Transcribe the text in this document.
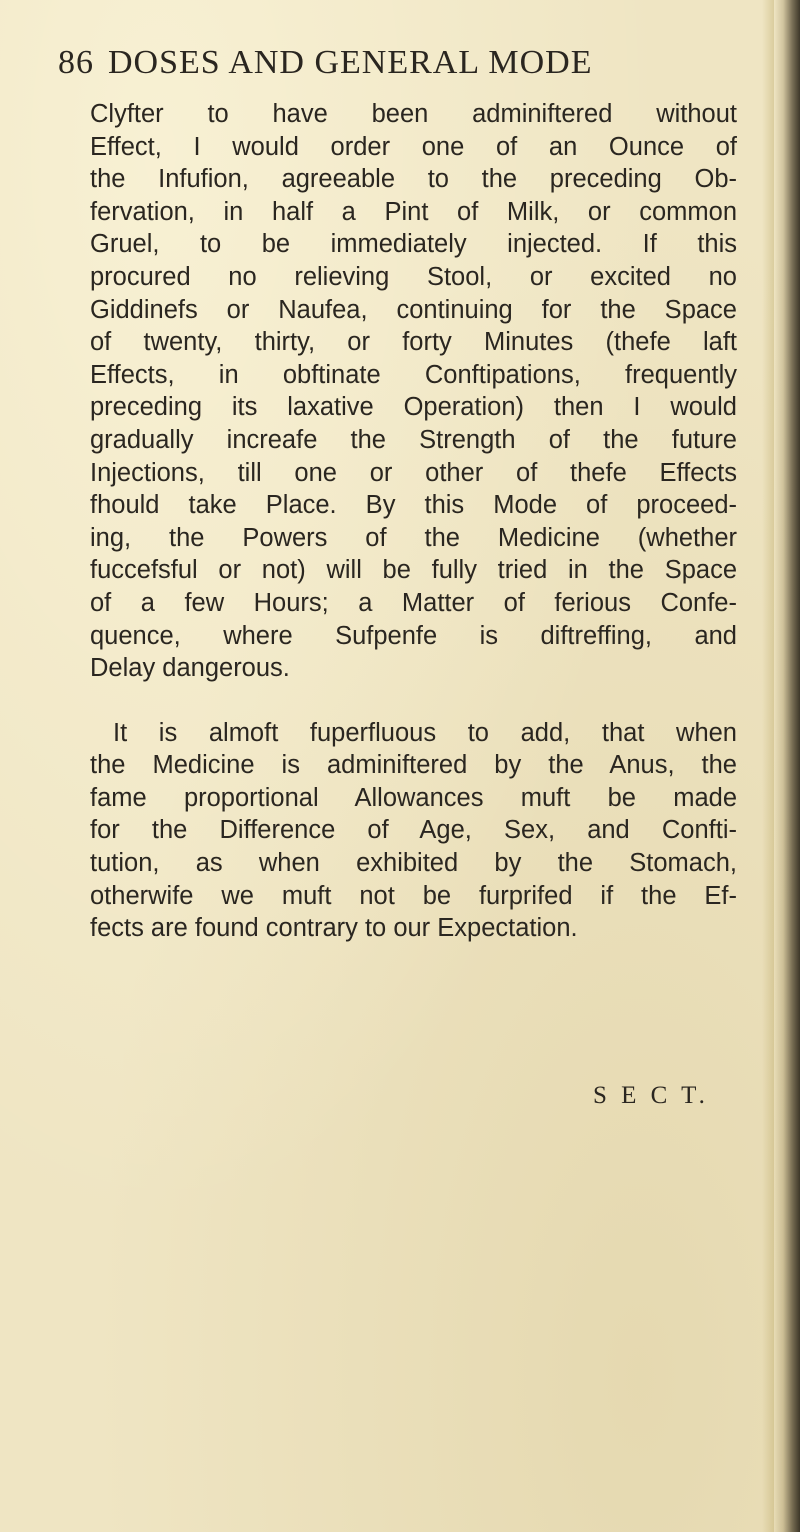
86 DOSES AND GENERAL MODE
Clyfter to have been adminiftered without
Effect, I would order one of an Ounce of
the Infufion, agreeable to the preceding Ob-
fervation, in half a Pint of Milk, or common
Gruel, to be immediately injected. If this
procured no relieving Stool, or excited no
Giddinefs or Naufea, continuing for the Space
of twenty, thirty, or forty Minutes (thefe laft
Effects, in obftinate Conftipations, frequently
preceding its laxative Operation) then I would
gradually increafe the Strength of the future
Injections, till one or other of thefe Effects
fhould take Place. By this Mode of proceed-
ing, the Powers of the Medicine (whether
fuccefsful or not) will be fully tried in the Space
of a few Hours; a Matter of ferious Confe-
quence, where Sufpenfe is diftreffing, and
Delay dangerous.
It is almoft fuperfluous to add, that when
the Medicine is adminiftered by the Anus, the
fame proportional Allowances muft be made
for the Difference of Age, Sex, and Confti-
tution, as when exhibited by the Stomach,
otherwife we muft not be furprifed if the Ef-
fects are found contrary to our Expectation.
S E C T.
